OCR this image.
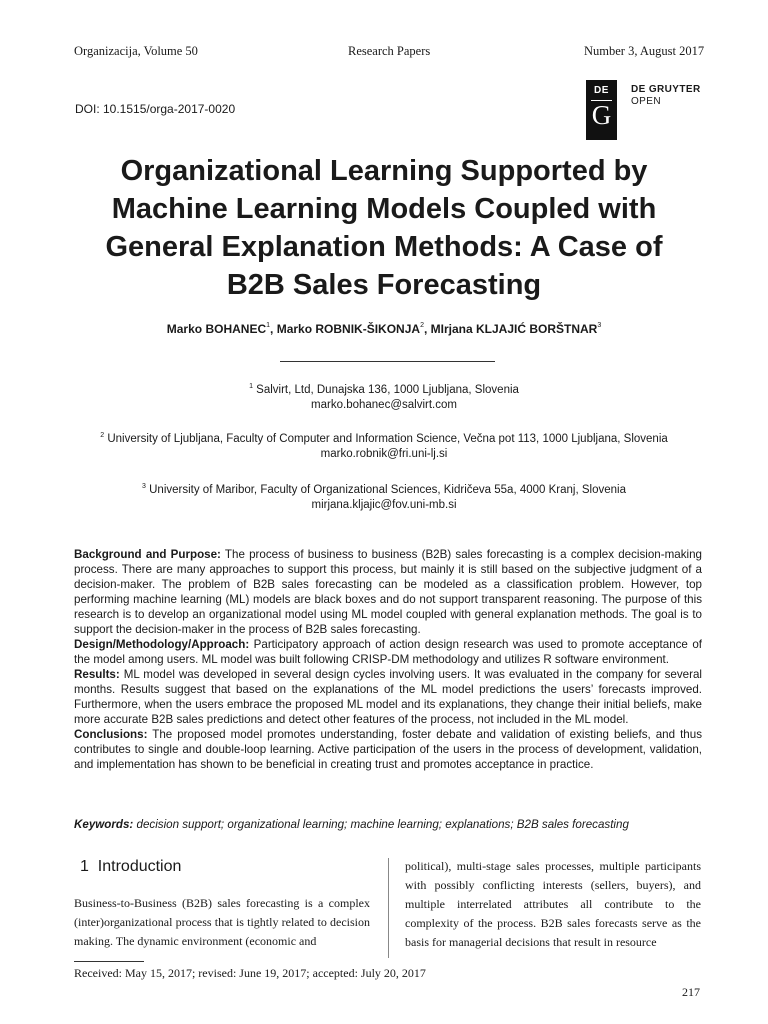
Organizacija, Volume 50	Research Papers	Number 3, August 2017
DOI: 10.1515/orga-2017-0020
DE
G
DE GRUYTER
OPEN
Organizational Learning Supported by
Machine Learning Models Coupled with
General Explanation Methods: A Case of
B2B Sales Forecasting
Marko BOHANEC$^1$, Marko ROBNIK-ŠIKONJA$^2$, MIrjana KLJAJIĆ BORŠTNAR$^3$
$^1$ Salvirt, Ltd, Dunajska 136, 1000 Ljubljana, Slovenia
marko.bohanec@salvirt.com
$^2$ University of Ljubljana, Faculty of Computer and Information Science, Večna pot 113, 1000 Ljubljana, Slovenia
marko.robnik@fri.uni-lj.si
$^3$ University of Maribor, Faculty of Organizational Sciences, Kidričeva 55a, 4000 Kranj, Slovenia
mirjana.kljajic@fov.uni-mb.si

Background and Purpose: The process of business to business (B2B) sales forecasting is a complex decision-making process. There are many approaches to support this process, but mainly it is still based on the subjective judgment of a decision-maker. The problem of B2B sales forecasting can be modeled as a classification problem. However, top performing machine learning (ML) models are black boxes and do not support transparent reasoning. The purpose of this research is to develop an organizational model using ML model coupled with general explanation methods. The goal is to support the decision-maker in the process of B2B sales forecasting.

Design/Methodology/Approach: Participatory approach of action design research was used to promote acceptance of the model among users. ML model was built following CRISP-DM methodology and utilizes R software environment.

Results: ML model was developed in several design cycles involving users. It was evaluated in the company for several months. Results suggest that based on the explanations of the ML model predictions the users’ forecasts improved. Furthermore, when the users embrace the proposed ML model and its explanations, they change their initial beliefs, make more accurate B2B sales predictions and detect other features of the process, not included in the ML model.

Conclusions: The proposed model promotes understanding, foster debate and validation of existing beliefs, and thus contributes to single and double-loop learning. Active participation of the users in the process of development, validation, and implementation has shown to be beneficial in creating trust and promotes acceptance in practice.

Keywords: decision support; organizational learning; machine learning; explanations; B2B sales forecasting
1 Introduction
Business-to-Business (B2B) sales forecasting is a complex (inter)organizational process that is tightly related to decision making. The dynamic environment (economic and
political), multi-stage sales processes, multiple participants with possibly conflicting interests (sellers, buyers), and multiple interrelated attributes all contribute to the complexity of the process. B2B sales forecasts serve as the basis for managerial decisions that result in resource
Received: May 15, 2017; revised: June 19, 2017; accepted: July 20, 2017
217
